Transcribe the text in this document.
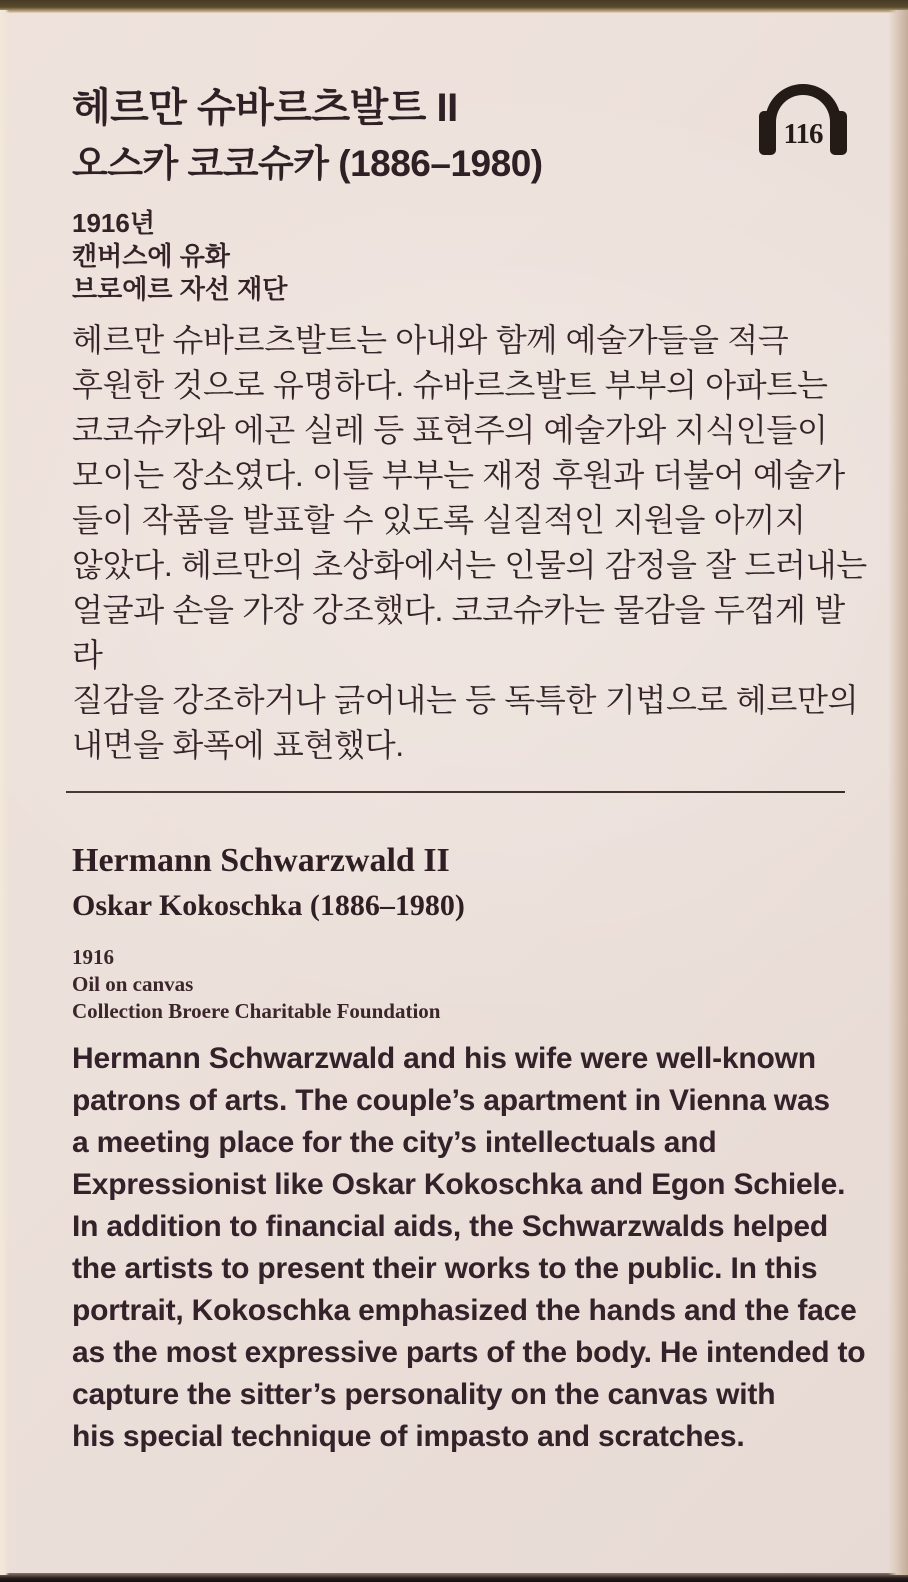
헤르만 슈바르츠발트 II
오스카 코코슈카 (1886–1980)
1916년
캔버스에 유화
브로에르 자선 재단
헤르만 슈바르츠발트는 아내와 함께 예술가들을 적극
후원한 것으로 유명하다. 슈바르츠발트 부부의 아파트는
코코슈카와 에곤 실레 등 표현주의 예술가와 지식인들이
모이는 장소였다. 이들 부부는 재정 후원과 더불어 예술가
들이 작품을 발표할 수 있도록 실질적인 지원을 아끼지
않았다. 헤르만의 초상화에서는 인물의 감정을 잘 드러내는
얼굴과 손을 가장 강조했다. 코코슈카는 물감을 두껍게 발라
질감을 강조하거나 긁어내는 등 독특한 기법으로 헤르만의
내면을 화폭에 표현했다.
Hermann Schwarzwald II
Oskar Kokoschka (1886–1980)
1916
Oil on canvas
Collection Broere Charitable Foundation
Hermann Schwarzwald and his wife were well-known
patrons of arts. The couple’s apartment in Vienna was
a meeting place for the city’s intellectuals and
Expressionist like Oskar Kokoschka and Egon Schiele.
In addition to financial aids, the Schwarzwalds helped
the artists to present their works to the public. In this
portrait, Kokoschka emphasized the hands and the face
as the most expressive parts of the body. He intended to
capture the sitter’s personality on the canvas with
his special technique of impasto and scratches.
116
